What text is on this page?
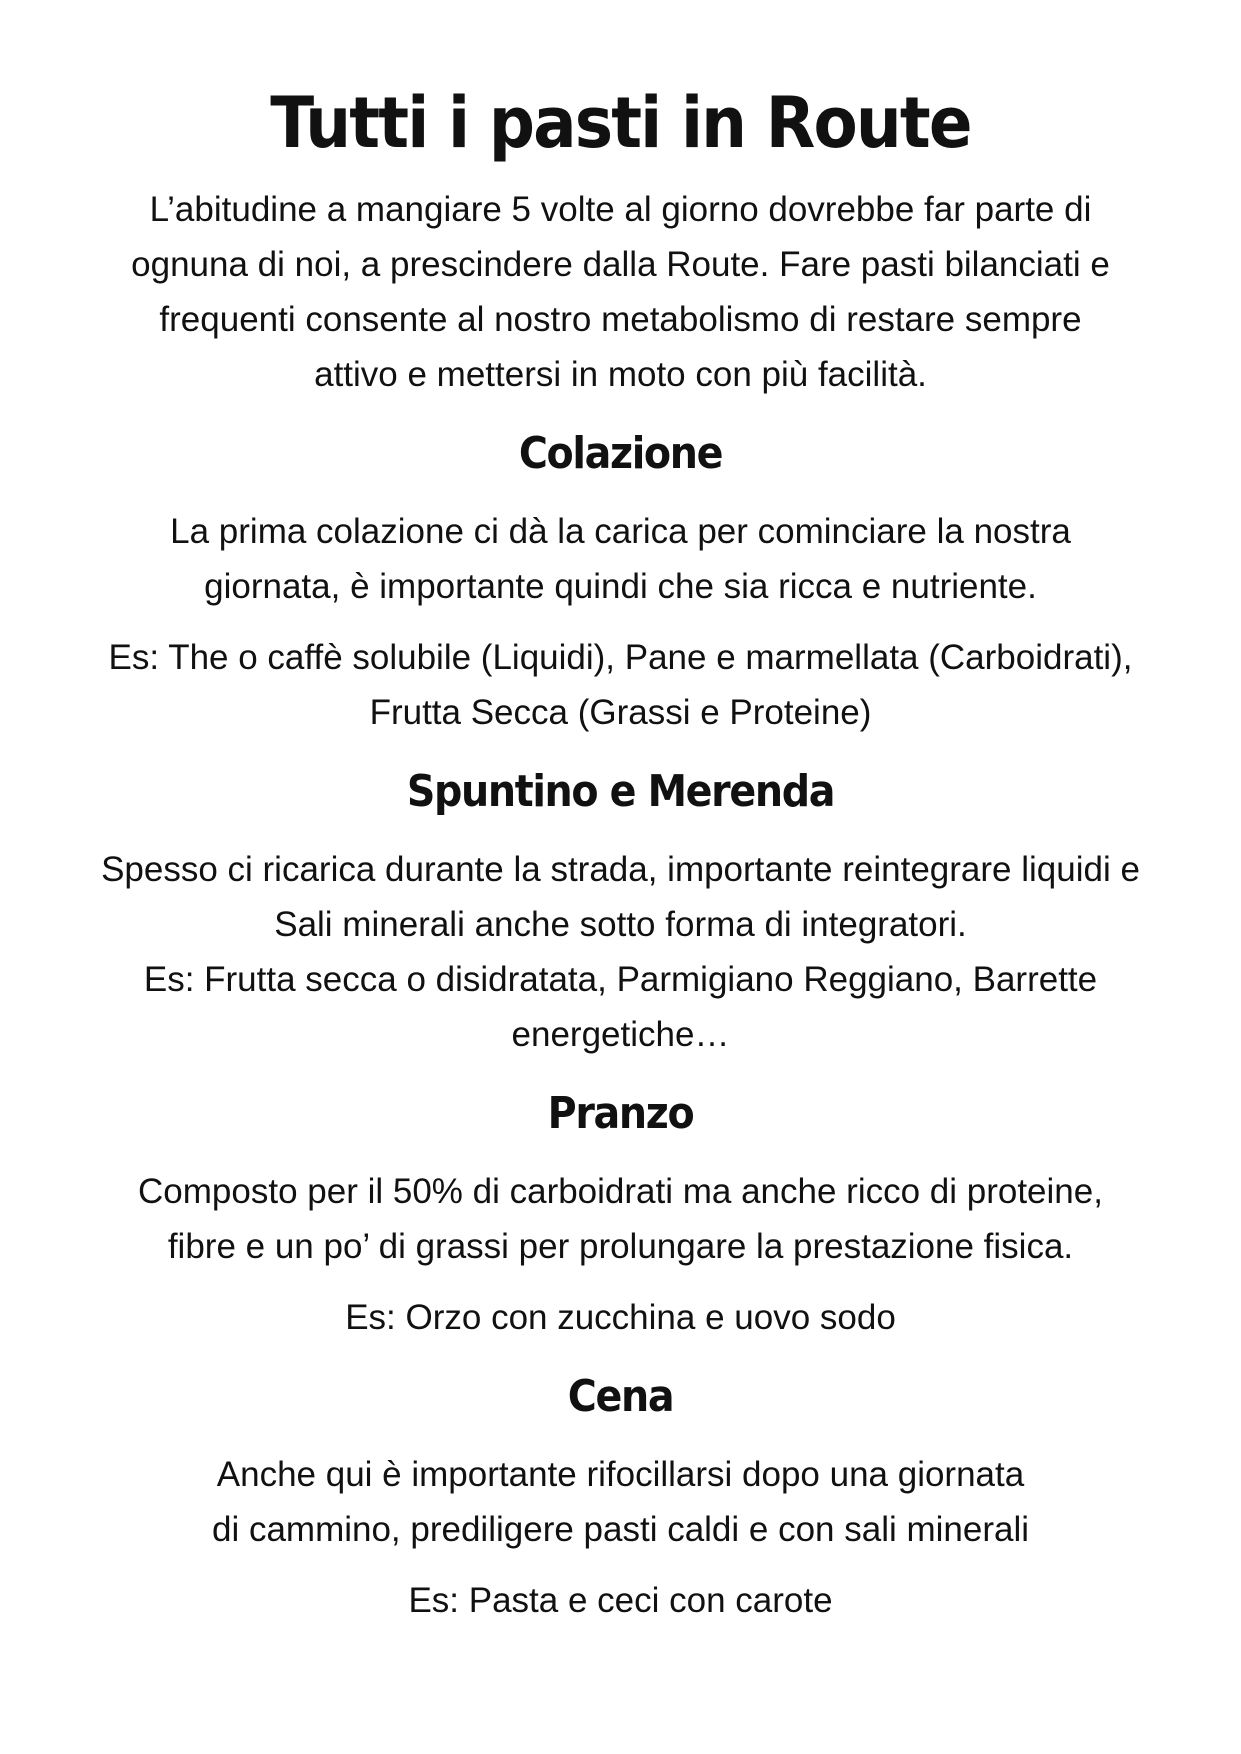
Tutti i pasti in Route

L’abitudine a mangiare 5 volte al giorno dovrebbe far parte di ognuna di noi, a prescindere dalla Route. Fare pasti bilanciati e frequenti consente al nostro metabolismo di restare sempre attivo e mettersi in moto con più facilità.

Colazione

La prima colazione ci dà la carica per cominciare la nostra giornata, è importante quindi che sia ricca e nutriente.

Es: The o caffè solubile (Liquidi), Pane e marmellata (Carboidrati), Frutta Secca (Grassi e Proteine)

Spuntino e Merenda

Spesso ci ricarica durante la strada, importante reintegrare liquidi e Sali minerali anche sotto forma di integratori.

Es: Frutta secca o disidratata, Parmigiano Reggiano, Barrette energetiche…

Pranzo

Composto per il 50% di carboidrati ma anche ricco di proteine, fibre e un po’ di grassi per prolungare la prestazione fisica.

Es: Orzo con zucchina e uovo sodo

Cena

Anche qui è importante rifocillarsi dopo una giornata di cammino, prediligere pasti caldi e con sali minerali

Es: Pasta e ceci con carote
